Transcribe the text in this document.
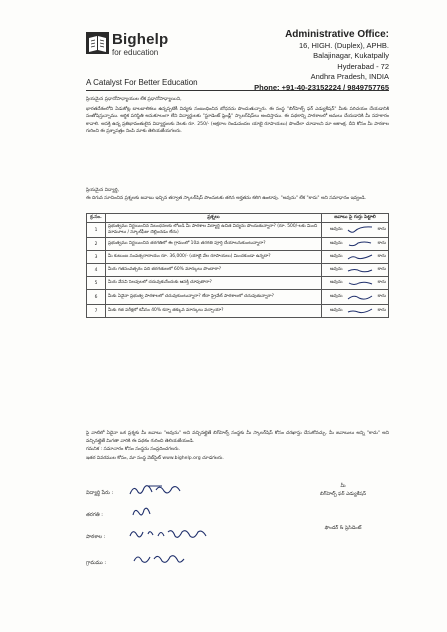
Bighelp
for education
A Catalyst For Better Education
Administrative Office:
16, HIGH. (Duplex), APHB.
Balajinagar, Kukatpally
Hyderabad - 72
Andhra Pradesh, INDIA
Phone: +91-40-23152224 / 9849757765

ప్రియమైన ప్రధానోపాధ్యాయుల లేక ప్రధానోపాధ్యాయిని,

భారతదేశంలోని ఏడుకోట్ల బాలబాలికలు ఉన్నప్పటికీ విద్యకు సంబంధించిన బోధనను పొందుతున్నారు. ఈ సంస్థ "బిగ్‌హెల్ప్ ఫర్ ఎడ్యుకేషన్" మీకు పరిచయం చేయడానికి సంతోషిస్తున్నాము. ఆర్థిక పరిస్థితి అనుకూలంగా లేని విద్యార్థులకు "స్టూడెంట్ ఫ్రెండ్లీ" స్కాలర్‌షిప్‌లు అందిస్తాము. ఈ పథకాన్ని పాఠశాలలో అమలు చేయడానికి మీ సహకారం కావాలి. ఆసక్తి ఉన్న ప్రతిభావంతులైన విద్యార్థులకు నెలకు రూ. 250/- (అక్షరాల రెండువందల యాభై రూపాయలు) పొందేలా చూడాలని మా ఆకాంక్ష. దీని కోసం మీ పాఠశాల గురించి ఈ ప్రశ్నాపత్రం నింపి మాకు తెలియజేయగలరు.

ప్రియమైన విద్యార్థి,
ఈ దిగువ సూచించిన ప్రశ్నలకు జవాబు ఇచ్చిన తర్వాత స్కాలర్‌షిప్ పొందుటకు తగిన అర్హతను కలిగి ఉంటావు. "అవును" లేక "కాదు" అని సమాధానం ఇవ్వండి.
క్ర.సం.	ప్రశ్నలు	జవాబు పై గుర్తు పెట్టాలి
1	ప్రభుత్వము నిర్ణయించిన నిబంధనలకు లోబడి మీ పాఠశాల విద్యార్థి ఉచిత విద్యను పొందుతున్నారా? (రూ. 500/-లకు మించి మామూలు / స్కూల్‌ఫీజు చెల్లించడం లేదు)	అవును కాదు

2	ప్రభుత్వము నిర్ణయించిన తరగతిలో ఈ గ్రామంలో 10వ తరగతి పూర్తి చేయాలనుకుంటున్నారా?	అవును కాదు

3	మీ కుటుంబ సంవత్సరాదాయం రూ. 36,000/- (యాభై వేల రూపాయలు) మించకుండా ఉన్నదా?	అవును కాదు

4	మీరు గతసంవత్సరం పది తరగతులలో 60% మార్కులు పొందారా?	అవును కాదు

5	మీరు వేసవి సెలవులలో చదువుకునేందుకు ఆసక్తి చూపుతారా?	అవును కాదు

6	మీకు ఏవైనా ప్రభుత్వ పాఠశాలలో చదువుకుంటున్నారా? లేదా ప్రైవేట్ పాఠశాలలో చదువుతున్నారా?	అవును కాదు

7	మీకు గత పరీక్షలో కనీసం 40% కన్నా తక్కువ మార్కులు వచ్చాయా?	అవును కాదు

పై వాటిలో ఏదైనా ఒక ప్రశ్నకు మీ జవాబు "అవును" అని వచ్చినట్లైతే బిగ్‌హెల్ప్ సంస్థకు మీ స్కాలర్‌షిప్ కోసం దరఖాస్తు చేసుకోవచ్చు. మీ జవాబులు అన్ని "కాదు" అని వచ్చినట్లైతే మిగతా వారికి ఈ పథకం గురించి తెలియజేయండి.

గమనిక : సమాచారం కోసం సంస్థను సంప్రదించగలరు.

ఇతర వివరముల కోసం, మా సంస్థ వెబ్‌సైట్ www.bighelp.org చూడగలరు.

విద్యార్థి పేరు :
తరగతి :
పాఠశాల :
గ్రామము :
మీ
బిగ్‌హెల్ప్ ఫర్ ఎడ్యుకేషన్
ఫౌండర్ & ప్రెసిడెంట్
